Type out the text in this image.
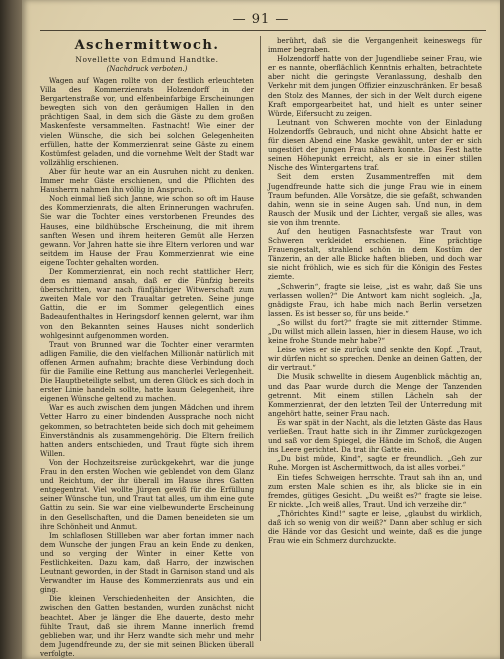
— 91 —
Aschermittwoch.
Novellette von Edmund Handtke.
(Nachdruck verboten.)

Wagen auf Wagen rollte von der festlich erleuchteten Villa des Kommerzienrats Holzendorff in der Bergartenstraße vor, und elfenbeinfarbige Erscheinungen bewegten sich von den geräumigen Hallen in den prächtigen Saal, in dem sich die Gäste zu dem großen Maskenfeste versammelten. Fastnacht! Wie einer der vielen Wünsche, die sich bei solchen Gelegenheiten erfüllen, hatte der Kommerzienrat seine Gäste zu einem Kostümfest geladen, und die vornehme Welt der Stadt war vollzählig erschienen.

Aber für heute war an ein Ausruhen nicht zu denken. Immer mehr Gäste erschienen, und die Pflichten des Hausherrn nahmen ihn völlig in Anspruch.

Noch einmal ließ sich Janne, wie schon so oft im Hause des Kommerzienrats, die alten Erinnerungen wachrufen. Sie war die Tochter eines verstorbenen Freundes des Hauses, eine bildhübsche Erscheinung, die mit ihrem sanften Wesen und ihrem heiteren Gemüt alle Herzen gewann. Vor Jahren hatte sie ihre Eltern verloren und war seitdem im Hause der Frau Kommerzienrat wie eine eigene Tochter gehalten worden.

Der Kommerzienrat, ein noch recht stattlicher Herr, dem es niemand ansah, daß er die Fünfzig bereits überschritten, war nach fünfjähriger Witwerschaft zum zweiten Male vor den Traualtar getreten. Seine junge Gattin, die er im Sommer gelegentlich eines Badeaufenthaltes in Heringsdorf kennen gelernt, war ihm von den Bekannten seines Hauses nicht sonderlich wohlgesinnt aufgenommen worden.

Traut von Brunned war die Tochter einer verarmten adligen Familie, die den vielfachen Millionär natürlich mit offenen Armen aufnahm; brachte diese Verbindung doch für die Familie eine Rettung aus mancherlei Verlegenheit. Die Hauptbeteiligte selbst, um deren Glück es sich doch in erster Linie handeln sollte, hatte kaum Gelegenheit, ihre eigenen Wünsche geltend zu machen.

War es auch zwischen dem jungen Mädchen und ihrem Vetter Harro zu einer bindenden Aussprache noch nicht gekommen, so betrachteten beide sich doch mit geheimem Einverständnis als zusammengehörig. Die Eltern freilich hatten anders entschieden, und Traut fügte sich ihrem Willen.

Von der Hochzeitsreise zurückgekehrt, war die junge Frau in den ersten Wochen wie geblendet von dem Glanz und Reichtum, der ihr überall im Hause ihres Gatten entgegentrat. Viel wollte Jürgen gewiß für die Erfüllung seiner Wünsche tun, und Traut tat alles, um ihm eine gute Gattin zu sein. Sie war eine vielbewunderte Erscheinung in den Gesellschaften, und die Damen beneideten sie um ihre Schönheit und Anmut.

Im schlaflosen Stillleben war aber fortan immer nach dem Wunsche der jungen Frau an kein Ende zu denken, und so verging der Winter in einer Kette von Festlichkeiten. Dazu kam, daß Harro, der inzwischen Leutnant geworden, in der Stadt in Garnison stand und als Verwandter im Hause des Kommerzienrats aus und ein ging.

Die kleinen Verschiedenheiten der Ansichten, die zwischen den Gatten bestanden, wurden zunächst nicht beachtet. Aber je länger die Ehe dauerte, desto mehr fühlte Traut, daß sie ihrem Manne innerlich fremd geblieben war, und ihr Herz wandte sich mehr und mehr dem Jugendfreunde zu, der sie mit seinen Blicken überall verfolgte.

berührt, daß sie die Vergangenheit keineswegs für immer begraben.

Holzendorff hatte von der Jugendliebe seiner Frau, wie er es nannte, oberflächlich Kenntnis erhalten, betrachtete aber nicht die geringste Veranlassung, deshalb den Verkehr mit dem jungen Offizier einzuschränken. Er besaß den Stolz des Mannes, der sich in der Welt durch eigene Kraft emporgearbeitet hat, und hielt es unter seiner Würde, Eifersucht zu zeigen.

Leutnant von Schweren mochte von der Einladung Holzendorffs Gebrauch, und nicht ohne Absicht hatte er für diesen Abend eine Maske gewählt, unter der er sich ungestört der jungen Frau nähern konnte. Das Fest hatte seinen Höhepunkt erreicht, als er sie in einer stillen Nische des Wintergartens traf.

Seit dem ersten Zusammentreffen mit dem Jugendfreunde hatte sich die junge Frau wie in einem Traum befunden. Alle Vorsätze, die sie gefaßt, schwanden dahin, wenn sie in seine Augen sah. Und nun, in dem Rausch der Musik und der Lichter, vergaß sie alles, was sie von ihm trennte.

Auf den heutigen Fasnachtsfeste war Traut von Schweren verkleidet erschienen. Eine prächtige Frauengestalt, strahlend schön in dem Kostüm der Tänzerin, an der alle Blicke haften blieben, und doch war sie nicht fröhlich, wie es sich für die Königin des Festes ziemte.

„Schwerin“, fragte sie leise, „ist es wahr, daß Sie uns verlassen wollen?“ Die Antwort kam nicht sogleich. „Ja, gnädigste Frau, ich habe mich nach Berlin versetzen lassen. Es ist besser so, für uns beide.“

„So willst du fort?“ fragte sie mit zitternder Stimme. „Du willst mich allein lassen, hier in diesem Hause, wo ich keine frohe Stunde mehr habe?“

Leise wies er sie zurück und senkte den Kopf. „Traut, wir dürfen nicht so sprechen. Denke an deinen Gatten, der dir vertraut.“

Die Musik schwellte in diesem Augenblick mächtig an, und das Paar wurde durch die Menge der Tanzenden getrennt. Mit einem stillen Lächeln sah der Kommerzienrat, der den letzten Teil der Unterredung mit angehört hatte, seiner Frau nach.

Es war spät in der Nacht, als die letzten Gäste das Haus verließen. Traut hatte sich in ihr Zimmer zurückgezogen und saß vor dem Spiegel, die Hände im Schoß, die Augen ins Leere gerichtet. Da trat ihr Gatte ein.

„Du bist müde, Kind“, sagte er freundlich. „Geh zur Ruhe. Morgen ist Aschermittwoch, da ist alles vorbei.“

Ein tiefes Schweigen herrschte. Traut sah ihn an, und zum ersten Male schien es ihr, als blicke sie in ein fremdes, gütiges Gesicht. „Du weißt es?“ fragte sie leise. Er nickte. „Ich weiß alles, Traut. Und ich verzeihe dir.“

„Thörichtes Kind!“ sagte er leise, „glaubst du wirklich, daß ich so wenig von dir weiß?“ Dann aber schlug er sich die Hände vor das Gesicht und weinte, daß es die junge Frau wie ein Schmerz durchzuckte.
